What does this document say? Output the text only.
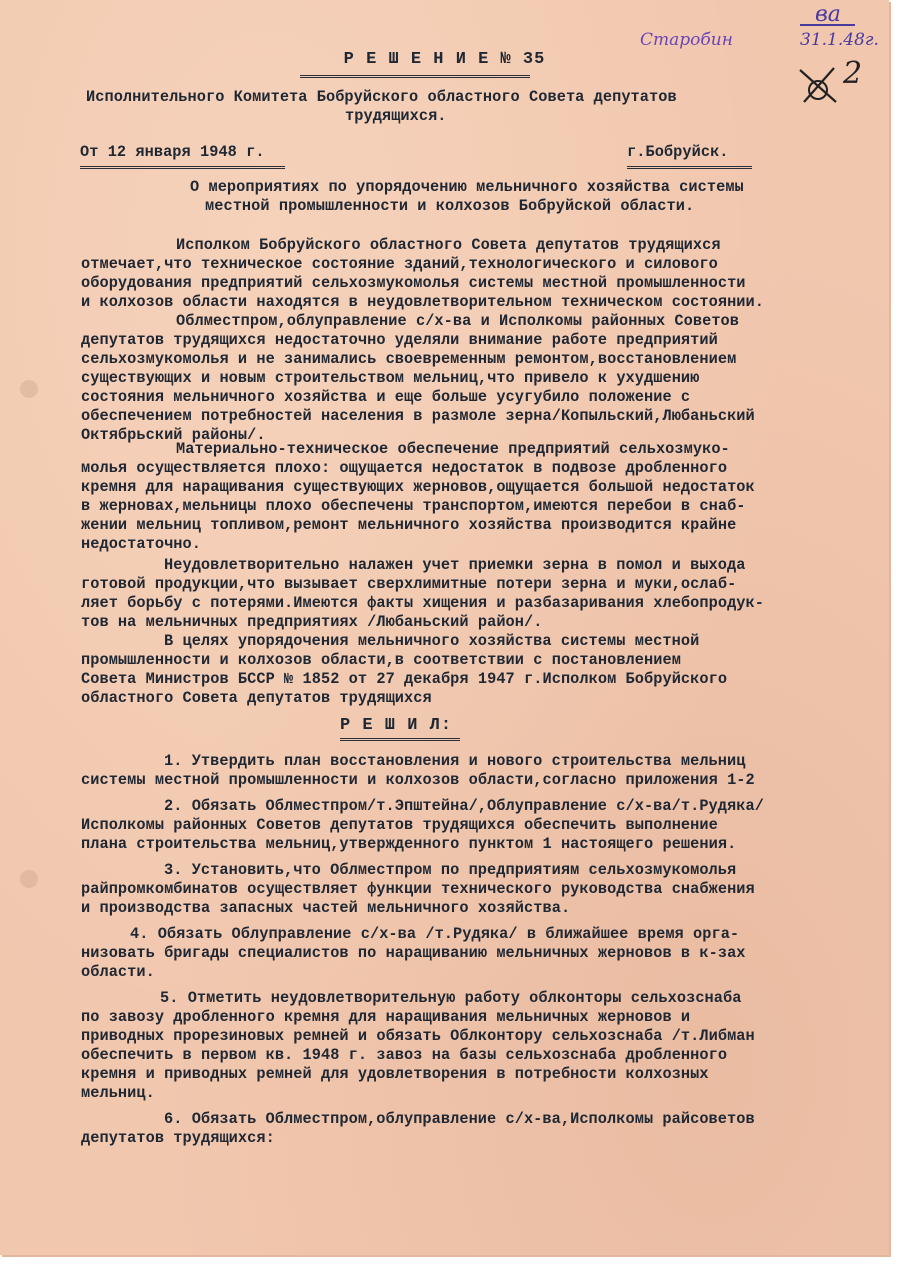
ва
31.1.48г.
Старобин
2
Р Е Ш Е Н И Е № 35
Исполнительного Комитета Бобруйского областного Совета депутатов
трудящихся.
От 12 января 1948 г.	г.Бобруйск.
О мероприятиях по упорядочению мельничного хозяйства системы
местной промышленности и колхозов Бобруйской области.
Исполком Бобруйского областного Совета депутатов трудящихся
отмечает,что техническое состояние зданий,технологического и силового
оборудования предприятий сельхозмукомолья системы местной промышленности
и колхозов области находятся в неудовлетворительном техническом состоянии.
Облместпром,облуправление с/х-ва и Исполкомы районных Советов
депутатов трудящихся недостаточно уделяли внимание работе предприятий
сельхозмукомолья и не занимались своевременным ремонтом,восстановлением
существующих и новым строительством мельниц,что привело к ухудшению
состояния мельничного хозяйства и еще больше усугубило положение с
обеспечением потребностей населения в размоле зерна/Копыльский,Любаньский
Октябрьский районы/.
Материально-техническое обеспечение предприятий сельхозмуко-
молья осуществляется плохо: ощущается недостаток в подвозе дробленного
кремня для наращивания существующих жерновов,ощущается большой недостаток
в жерновах,мельницы плохо обеспечены транспортом,имеются перебои в снаб-
жении мельниц топливом,ремонт мельничного хозяйства производится крайне
недостаточно.
Неудовлетворительно налажен учет приемки зерна в помол и выхода
готовой продукции,что вызывает сверхлимитные потери зерна и муки,ослаб-
ляет борьбу с потерями.Имеются факты хищения и разбазаривания хлебопродук-
тов на мельничных предприятиях /Любаньский район/.
В целях упорядочения мельничного хозяйства системы местной
промышленности и колхозов области,в соответствии с постановлением
Совета Министров БССР № 1852 от 27 декабря 1947 г.Исполком Бобруйского
областного Совета депутатов трудящихся
Р Е Ш И Л:
1. Утвердить план восстановления и нового строительства мельниц
системы местной промышленности и колхозов области,согласно приложения 1-2
2. Обязать Облместпром/т.Эпштейна/,Облуправление с/х-ва/т.Рудяка/
Исполкомы районных Советов депутатов трудящихся обеспечить выполнение
плана строительства мельниц,утвержденного пунктом 1 настоящего решения.
3. Установить,что Облместпром по предприятиям сельхозмукомолья
райпромкомбинатов осуществляет функции технического руководства снабжения
и производства запасных частей мельничного хозяйства.
4. Обязать Облуправление с/х-ва /т.Рудяка/ в ближайшее время орга-
низовать бригады специалистов по наращиванию мельничных жерновов в к-зах
области.
5. Отметить неудовлетворительную работу облконторы сельхозснаба
по завозу дробленного кремня для наращивания мельничных жерновов и
приводных прорезиновых ремней и обязать Облконтору сельхозснаба /т.Либман
обеспечить в первом кв. 1948 г. завоз на базы сельхозснаба дробленного
кремня и приводных ремней для удовлетворения в потребности колхозных
мельниц.
6. Обязать Облместпром,облуправление с/х-ва,Исполкомы райсоветов
депутатов трудящихся:
